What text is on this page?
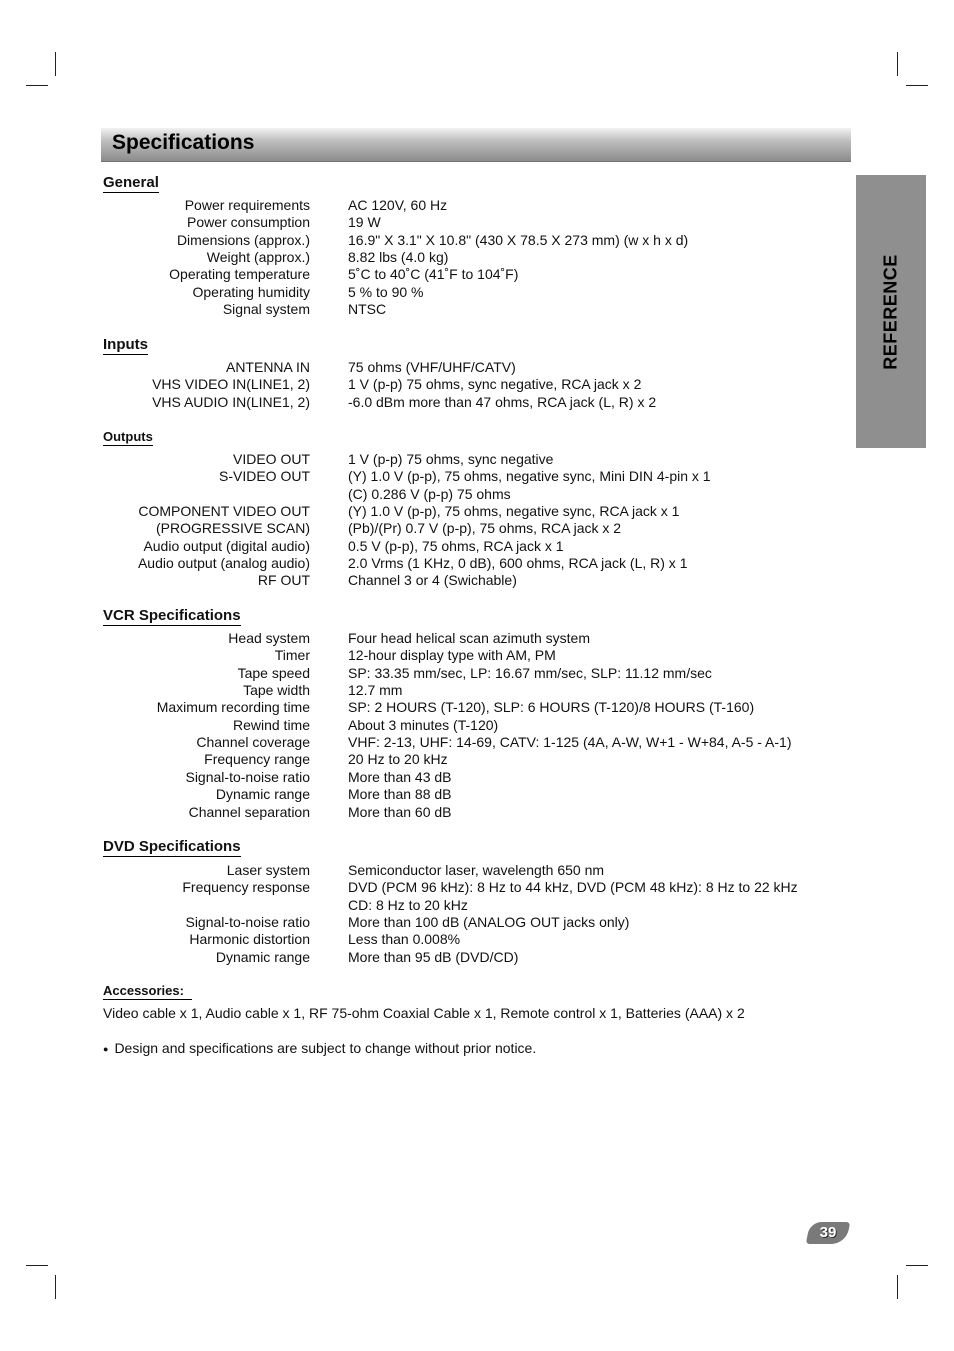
Specifications
REFERENCE
General
Power requirements	AC 120V, 60 Hz
Power consumption	19 W
Dimensions (approx.)	16.9" X 3.1" X 10.8" (430 X 78.5 X 273 mm) (w x h x d)
Weight (approx.)	8.82 lbs (4.0 kg)
Operating temperature	5˚C to 40˚C (41˚F to 104˚F)
Operating humidity	5 % to 90 %
Signal system	NTSC
Inputs
ANTENNA IN	75 ohms (VHF/UHF/CATV)
VHS VIDEO IN(LINE1, 2)	1 V (p-p) 75 ohms, sync negative, RCA jack x 2
VHS AUDIO IN(LINE1, 2)	-6.0 dBm more than 47 ohms, RCA jack (L, R) x 2
Outputs
VIDEO OUT	1 V (p-p) 75 ohms, sync negative
S-VIDEO OUT	(Y) 1.0 V (p-p), 75 ohms, negative sync, Mini DIN 4-pin x 1
(C) 0.286 V (p-p) 75 ohms
COMPONENT VIDEO OUT	(Y) 1.0 V (p-p), 75 ohms, negative sync, RCA jack x 1
(PROGRESSIVE SCAN)	(Pb)/(Pr) 0.7 V (p-p), 75 ohms, RCA jack x 2
Audio output (digital audio)	0.5 V (p-p), 75 ohms, RCA jack x 1
Audio output (analog audio)	2.0 Vrms (1 KHz, 0 dB), 600 ohms, RCA jack (L, R) x 1
RF OUT	Channel 3 or 4 (Swichable)
VCR Specifications
Head system	Four head helical scan azimuth system
Timer	12-hour display type with AM, PM
Tape speed	SP: 33.35 mm/sec, LP: 16.67 mm/sec, SLP: 11.12 mm/sec
Tape width	12.7 mm
Maximum recording time	SP: 2 HOURS (T-120), SLP: 6 HOURS (T-120)/8 HOURS (T-160)
Rewind time	About 3 minutes (T-120)
Channel coverage	VHF: 2-13, UHF: 14-69, CATV: 1-125 (4A, A-W, W+1 - W+84, A-5 - A-1)
Frequency range	20 Hz to 20 kHz
Signal-to-noise ratio	More than 43 dB
Dynamic range	More than 88 dB
Channel separation	More than 60 dB
DVD Specifications
Laser system	Semiconductor laser, wavelength 650 nm
Frequency response	DVD (PCM 96 kHz): 8 Hz to 44 kHz, DVD (PCM 48 kHz): 8 Hz to 22 kHz
CD: 8 Hz to 20 kHz
Signal-to-noise ratio	More than 100 dB (ANALOG OUT jacks only)
Harmonic distortion	Less than 0.008%
Dynamic range	More than 95 dB (DVD/CD)
Accessories:
Video cable x 1, Audio cable x 1, RF 75-ohm Coaxial Cable x 1, Remote control x 1, Batteries (AAA) x 2
● Design and specifications are subject to change without prior notice.
39
